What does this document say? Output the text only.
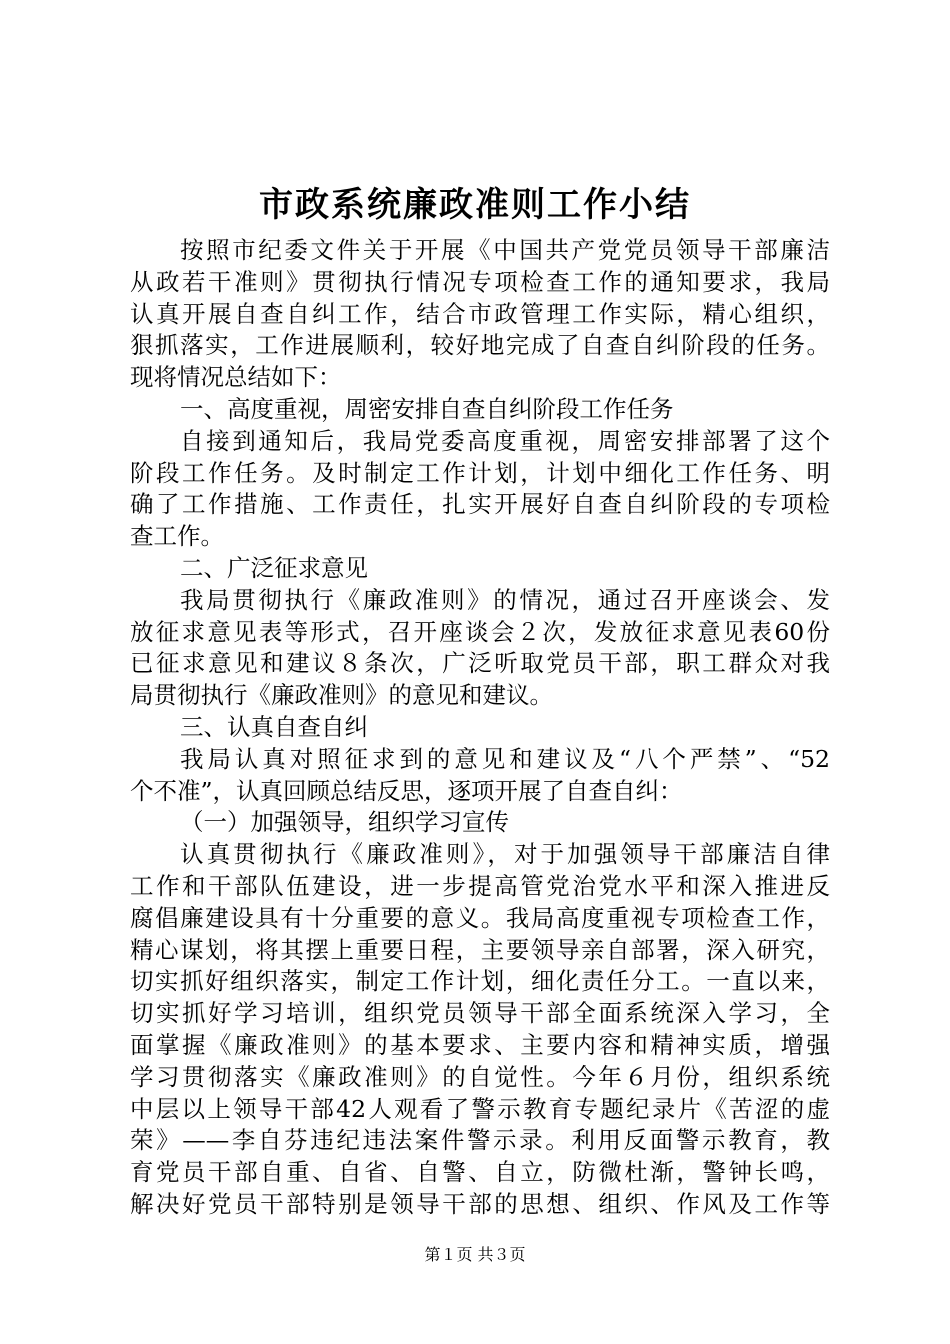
市政系统廉政准则工作小结
按照市纪委文件关于开展《中国共产党党员领导干部廉洁
从政若干准则》贯彻执行情况专项检查工作的通知要求，我局
认真开展自查自纠工作，结合市政管理工作实际，精心组织，
狠抓落实，工作进展顺利，较好地完成了自查自纠阶段的任务。
现将情况总结如下：
一、高度重视，周密安排自查自纠阶段工作任务
自接到通知后，我局党委高度重视，周密安排部署了这个
阶段工作任务。及时制定工作计划，计划中细化工作任务、明
确了工作措施、工作责任，扎实开展好自查自纠阶段的专项检
查工作。
二、广泛征求意见
我局贯彻执行《廉政准则》的情况，通过召开座谈会、发
放征求意见表等形式，召开座谈会２次，发放征求意见表60份
已征求意见和建议８条次，广泛听取党员干部，职工群众对我
局贯彻执行《廉政准则》的意见和建议。
三、认真自查自纠
我局认真对照征求到的意见和建议及“八个严禁”、“52
个不准”，认真回顾总结反思，逐项开展了自查自纠：
（一）加强领导，组织学习宣传
认真贯彻执行《廉政准则》，对于加强领导干部廉洁自律
工作和干部队伍建设，进一步提高管党治党水平和深入推进反
腐倡廉建设具有十分重要的意义。我局高度重视专项检查工作，
精心谋划，将其摆上重要日程，主要领导亲自部署，深入研究，
切实抓好组织落实，制定工作计划，细化责任分工。一直以来，
切实抓好学习培训，组织党员领导干部全面系统深入学习，全
面掌握《廉政准则》的基本要求、主要内容和精神实质，增强
学习贯彻落实《廉政准则》的自觉性。今年６月份，组织系统
中层以上领导干部42人观看了警示教育专题纪录片《苦涩的虚
荣》——李自芬违纪违法案件警示录。利用反面警示教育，教
育党员干部自重、自省、自警、自立，防微杜渐，警钟长鸣，
解决好党员干部特别是领导干部的思想、组织、作风及工作等
第１页 共３页
